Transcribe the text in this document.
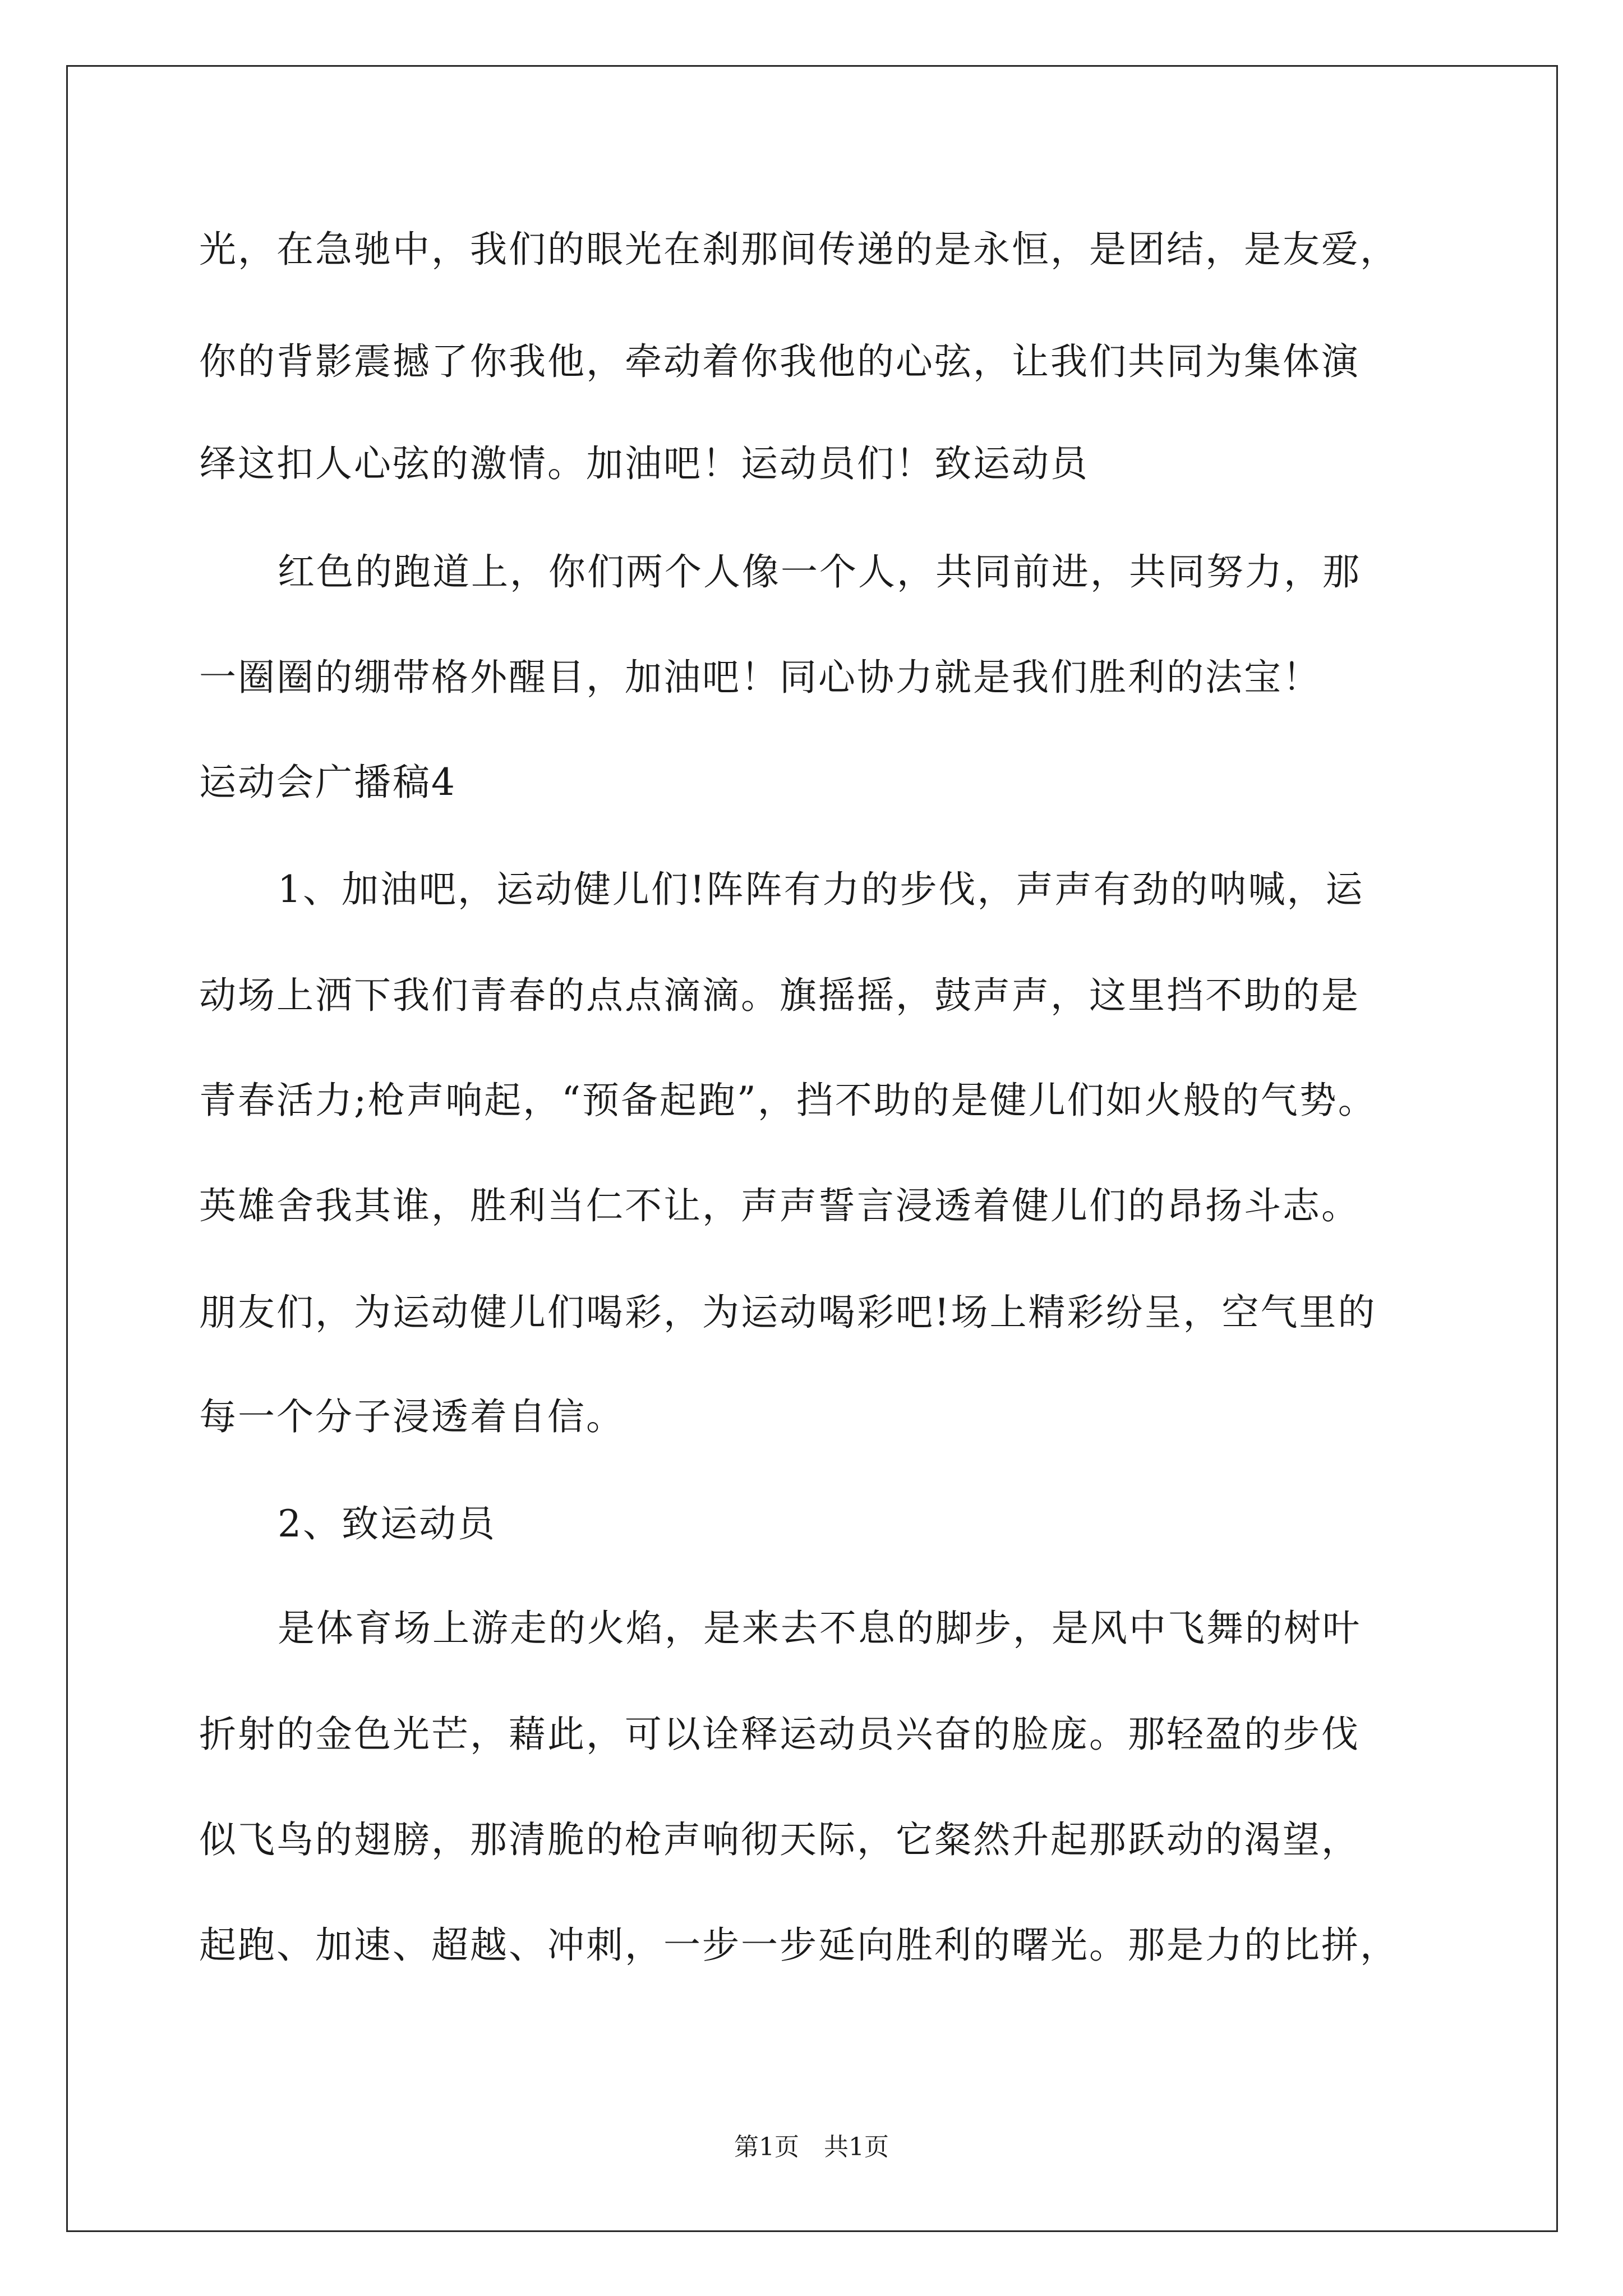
光，在急驰中，我们的眼光在刹那间传递的是永恒，是团结，是友爱，
你的背影震撼了你我他，牵动着你我他的心弦，让我们共同为集体演
绎这扣人心弦的激情。加油吧！运动员们！致运动员
红色的跑道上，你们两个人像一个人，共同前进，共同努力，那
一圈圈的绷带格外醒目，加油吧！同心协力就是我们胜利的法宝！
运动会广播稿4
1、加油吧，运动健儿们!阵阵有力的步伐，声声有劲的呐喊，运
动场上洒下我们青春的点点滴滴。旗摇摇，鼓声声，这里挡不助的是
青春活力;枪声响起，“预备起跑”，挡不助的是健儿们如火般的气势。
英雄舍我其谁，胜利当仁不让，声声誓言浸透着健儿们的昂扬斗志。
朋友们，为运动健儿们喝彩，为运动喝彩吧!场上精彩纷呈，空气里的
每一个分子浸透着自信。
2、致运动员
是体育场上游走的火焰，是来去不息的脚步，是风中飞舞的树叶
折射的金色光芒，藉此，可以诠释运动员兴奋的脸庞。那轻盈的步伐
似飞鸟的翅膀，那清脆的枪声响彻天际，它粲然升起那跃动的渴望，
起跑、加速、超越、冲刺，一步一步延向胜利的曙光。那是力的比拼，
第1页　共1页
